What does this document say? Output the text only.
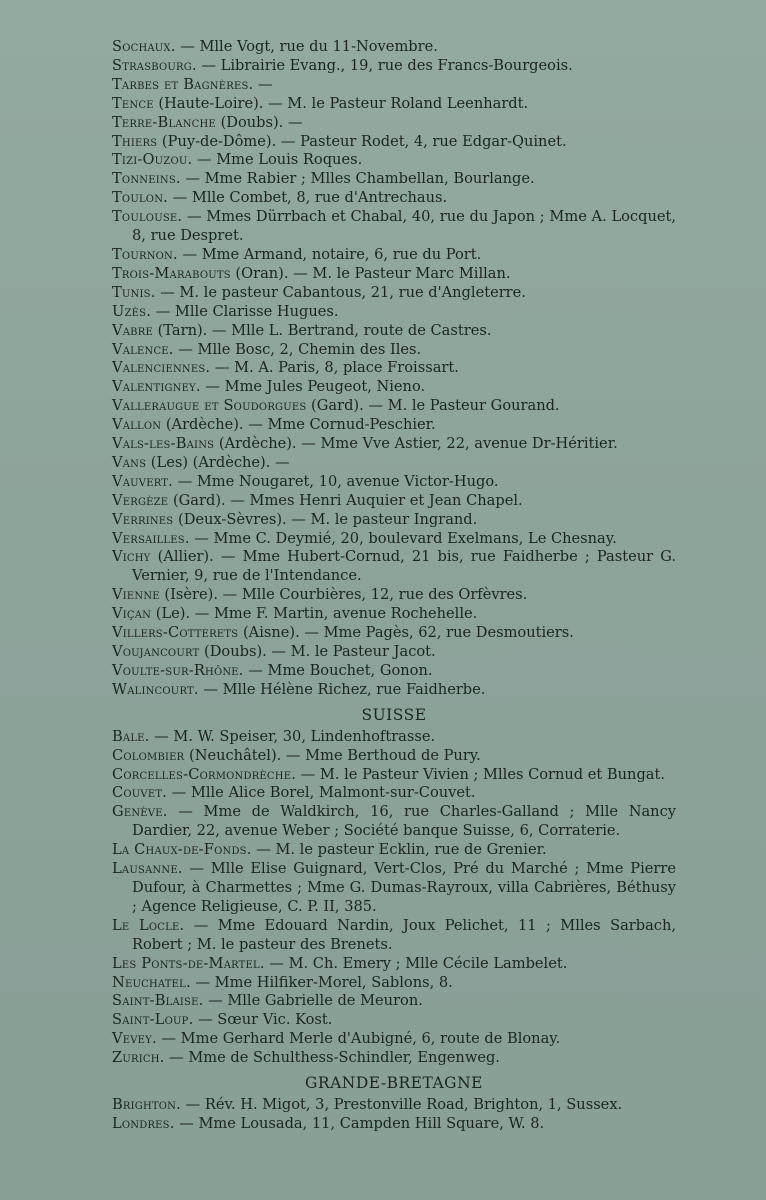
Sochaux. — Mlle Vogt, rue du 11-Novembre.

Strasbourg. — Librairie Evang., 19, rue des Francs-Bourgeois.

Tarbes et Bagnères. —

Tence (Haute-Loire). — M. le Pasteur Roland Leenhardt.

Terre-Blanche (Doubs). —

Thiers (Puy-de-Dôme). — Pasteur Rodet, 4, rue Edgar-Quinet.

Tizi-Ouzou. — Mme Louis Roques.

Tonneins. — Mme Rabier ; Mlles Chambellan, Bourlange.

Toulon. — Mlle Combet, 8, rue d'Antrechaus.

Toulouse. — Mmes Dürrbach et Chabal, 40, rue du Japon ; Mme A. Locquet, 8, rue Despret.

Tournon. — Mme Armand, notaire, 6, rue du Port.

Trois-Marabouts (Oran). — M. le Pasteur Marc Millan.

Tunis. — M. le pasteur Cabantous, 21, rue d'Angleterre.

Uzès. — Mlle Clarisse Hugues.

Vabre (Tarn). — Mlle L. Bertrand, route de Castres.

Valence. — Mlle Bosc, 2, Chemin des Iles.

Valenciennes. — M. A. Paris, 8, place Froissart.

Valentigney. — Mme Jules Peugeot, Nieno.

Valleraugue et Soudorgues (Gard). — M. le Pasteur Gourand.

Vallon (Ardèche). — Mme Cornud-Peschier.

Vals-les-Bains (Ardèche). — Mme Vve Astier, 22, avenue Dr-Héritier.

Vans (Les) (Ardèche). —

Vauvert. — Mme Nougaret, 10, avenue Victor-Hugo.

Vergèze (Gard). — Mmes Henri Auquier et Jean Chapel.

Verrines (Deux-Sèvres). — M. le pasteur Ingrand.

Versailles. — Mme C. Deymié, 20, boulevard Exelmans, Le Chesnay.

Vichy (Allier). — Mme Hubert-Cornud, 21 bis, rue Faidherbe ; Pasteur G. Vernier, 9, rue de l'Intendance.

Vienne (Isère). — Mlle Courbières, 12, rue des Orfèvres.

Viçan (Le). — Mme F. Martin, avenue Rochehelle.

Villers-Cotterets (Aisne). — Mme Pagès, 62, rue Desmoutiers.

Voujancourt (Doubs). — M. le Pasteur Jacot.

Voulte-sur-Rhône. — Mme Bouchet, Gonon.

Walincourt. — Mlle Hélène Richez, rue Faidherbe.

SUISSE

Bale. — M. W. Speiser, 30, Lindenhoftrasse.

Colombier (Neuchâtel). — Mme Berthoud de Pury.

Corcelles-Cormondrèche. — M. le Pasteur Vivien ; Mlles Cornud et Bungat.

Couvet. — Mlle Alice Borel, Malmont-sur-Couvet.

Genève. — Mme de Waldkirch, 16, rue Charles-Galland ; Mlle Nancy Dardier, 22, avenue Weber ; Société banque Suisse, 6, Corraterie.

La Chaux-de-Fonds. — M. le pasteur Ecklin, rue de Grenier.

Lausanne. — Mlle Elise Guignard, Vert-Clos, Pré du Marché ; Mme Pierre Dufour, à Charmettes ; Mme G. Dumas-Rayroux, villa Cabrières, Béthusy ; Agence Religieuse, C. P. II, 385.

Le Locle. — Mme Edouard Nardin, Joux Pelichet, 11 ; Mlles Sarbach, Robert ; M. le pasteur des Brenets.

Les Ponts-de-Martel. — M. Ch. Emery ; Mlle Cécile Lambelet.

Neuchatel. — Mme Hilfiker-Morel, Sablons, 8.

Saint-Blaise. — Mlle Gabrielle de Meuron.

Saint-Loup. — Sœur Vic. Kost.

Vevey. — Mme Gerhard Merle d'Aubigné, 6, route de Blonay.

Zurich. — Mme de Schulthess-Schindler, Engenweg.

GRANDE-BRETAGNE

Brighton. — Rév. H. Migot, 3, Prestonville Road, Brighton, 1, Sussex.

Londres. — Mme Lousada, 11, Campden Hill Square, W. 8.
